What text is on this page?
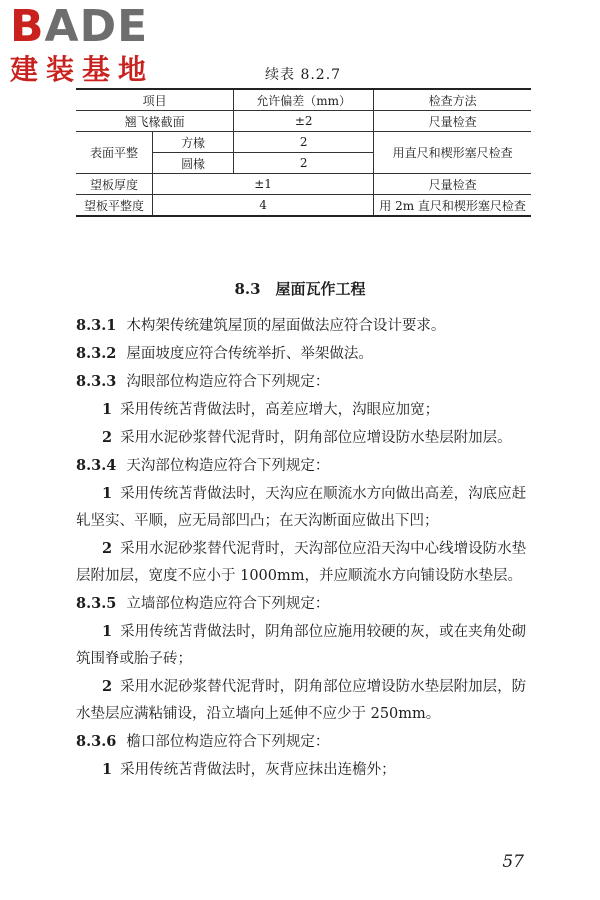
BADE
建装基地	续表 8.2.7
项目		允许偏差（mm）	检查方法
翘飞椽截面		±2	尺量检查
表面平整	方椽	2	用直尺和楔形塞尺检查
	圆椽	2	
望板厚度	±1		尺量检查
望板平整度	4		用 2m 直尺和楔形塞尺检查
8.3　屋面瓦作工程

8.3.1 木构架传统建筑屋顶的屋面做法应符合设计要求。

8.3.2 屋面坡度应符合传统举折、举架做法。

8.3.3 沟眼部位构造应符合下列规定：

1 采用传统苫背做法时，高差应增大，沟眼应加宽；

2 采用水泥砂浆替代泥背时，阴角部位应增设防水垫层附加层。

8.3.4 天沟部位构造应符合下列规定：

1 采用传统苫背做法时，天沟应在顺流水方向做出高差，沟底应赶轧坚实、平顺，应无局部凹凸；在天沟断面应做出下凹；

2 采用水泥砂浆替代泥背时，天沟部位应沿天沟中心线增设防水垫层附加层，宽度不应小于 1000mm，并应顺流水方向铺设防水垫层。

8.3.5 立墙部位构造应符合下列规定：

1 采用传统苫背做法时，阴角部位应施用较硬的灰，或在夹角处砌筑围脊或胎子砖；

2 采用水泥砂浆替代泥背时，阴角部位应增设防水垫层附加层，防水垫层应满粘铺设，沿立墙向上延伸不应少于 250mm。

8.3.6 檐口部位构造应符合下列规定：

1 采用传统苫背做法时，灰背应抹出连檐外；

57
